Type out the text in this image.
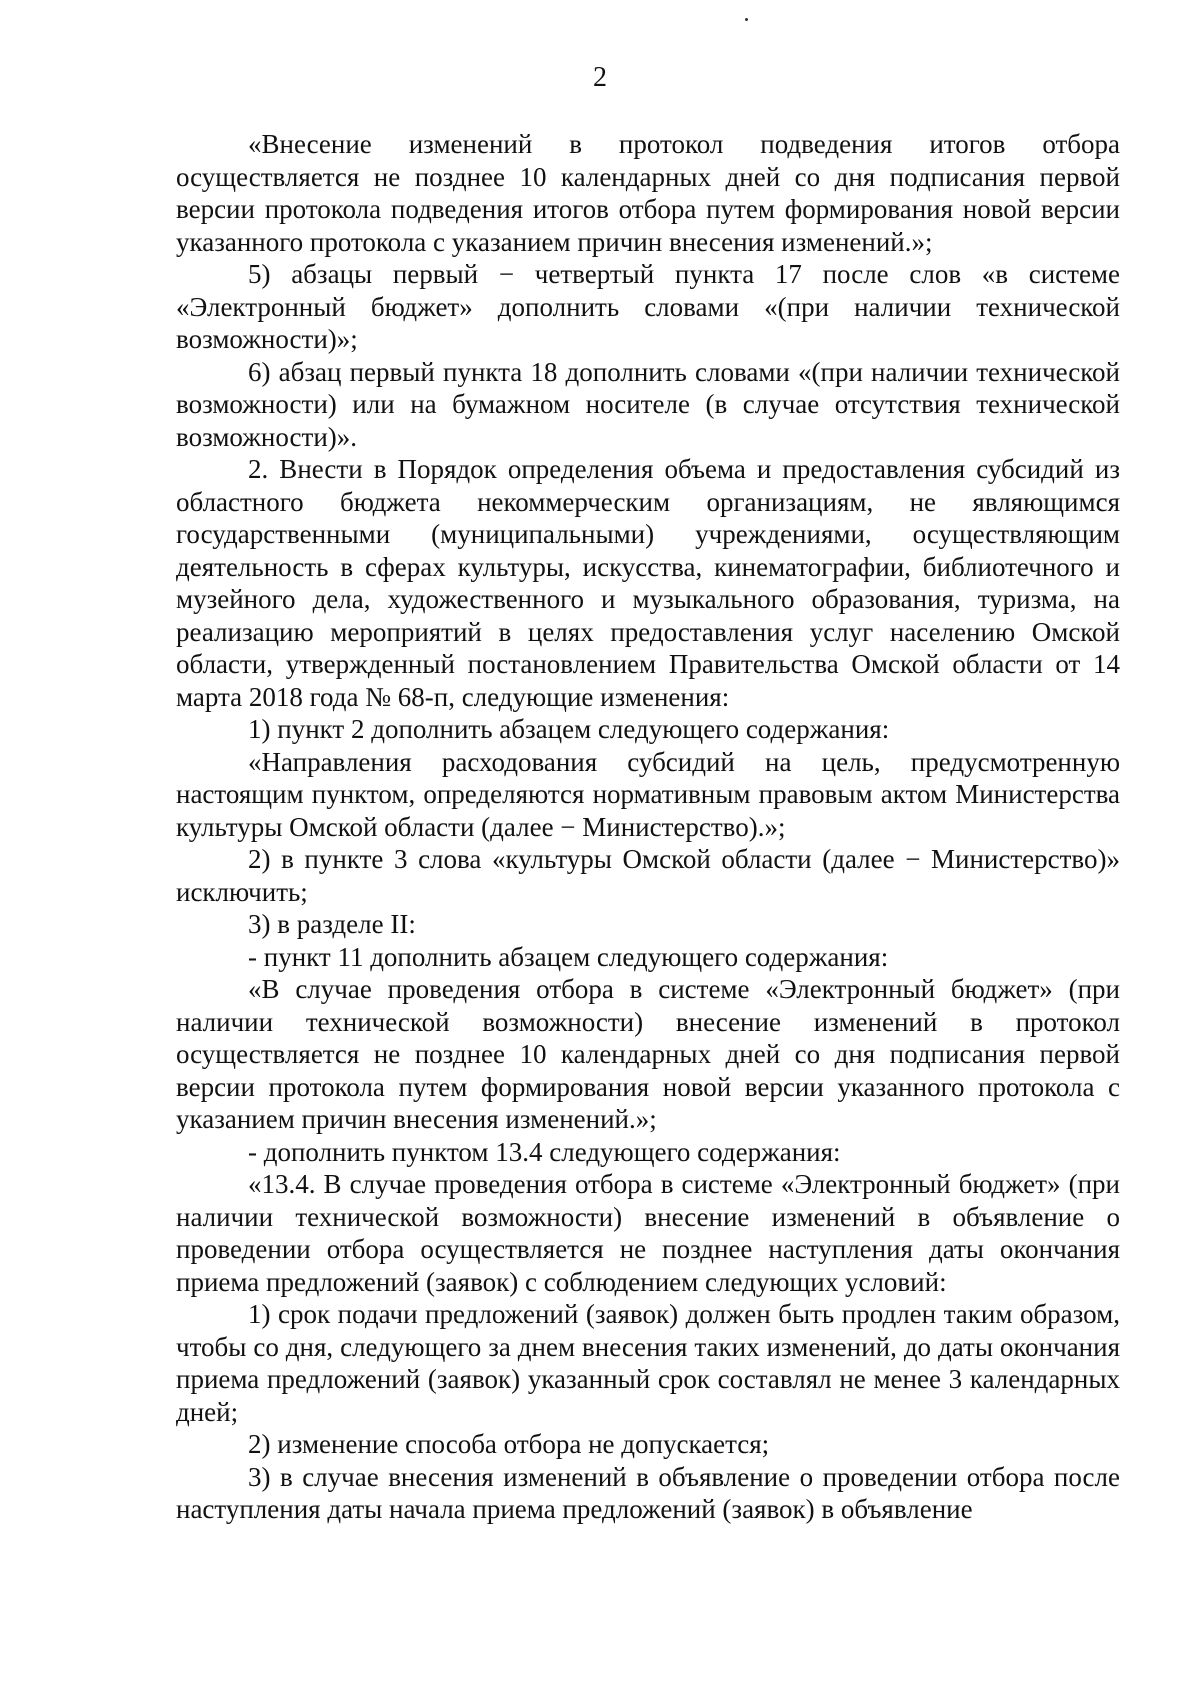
2

«Внесение изменений в протокол подведения итогов отбора осуществляется не позднее 10 календарных дней со дня подписания первой версии протокола подведения итогов отбора путем формирования новой версии указанного протокола с указанием причин внесения изменений.»;

5) абзацы первый − четвертый пункта 17 после слов «в системе «Электронный бюджет» дополнить словами «(при наличии технической возможности)»;

6) абзац первый пункта 18 дополнить словами «(при наличии технической возможности) или на бумажном носителе (в случае отсутствия технической возможности)».

2. Внести в Порядок определения объема и предоставления субсидий из областного бюджета некоммерческим организациям, не являющимся государственными (муниципальными) учреждениями, осуществляющим деятельность в сферах культуры, искусства, кинематографии, библиотечного и музейного дела, художественного и музыкального образования, туризма, на реализацию мероприятий в целях предоставления услуг населению Омской области, утвержденный постановлением Правительства Омской области от 14 марта 2018 года № 68-п, следующие изменения:

1) пункт 2 дополнить абзацем следующего содержания:

«Направления расходования субсидий на цель, предусмотренную настоящим пунктом, определяются нормативным правовым актом Министерства культуры Омской области (далее − Министерство).»;

2) в пункте 3 слова «культуры Омской области (далее − Министерство)» исключить;

3) в разделе II:

- пункт 11 дополнить абзацем следующего содержания:

«В случае проведения отбора в системе «Электронный бюджет» (при наличии технической возможности) внесение изменений в протокол осуществляется не позднее 10 календарных дней со дня подписания первой версии протокола путем формирования новой версии указанного протокола с указанием причин внесения изменений.»;

- дополнить пунктом 13.4 следующего содержания:

«13.4. В случае проведения отбора в системе «Электронный бюджет» (при наличии технической возможности) внесение изменений в объявление о проведении отбора осуществляется не позднее наступления даты окончания приема предложений (заявок) с соблюдением следующих условий:

1) срок подачи предложений (заявок) должен быть продлен таким образом, чтобы со дня, следующего за днем внесения таких изменений, до даты окончания приема предложений (заявок) указанный срок составлял не менее 3 календарных дней;

2) изменение способа отбора не допускается;

3) в случае внесения изменений в объявление о проведении отбора после наступления даты начала приема предложений (заявок) в объявление
